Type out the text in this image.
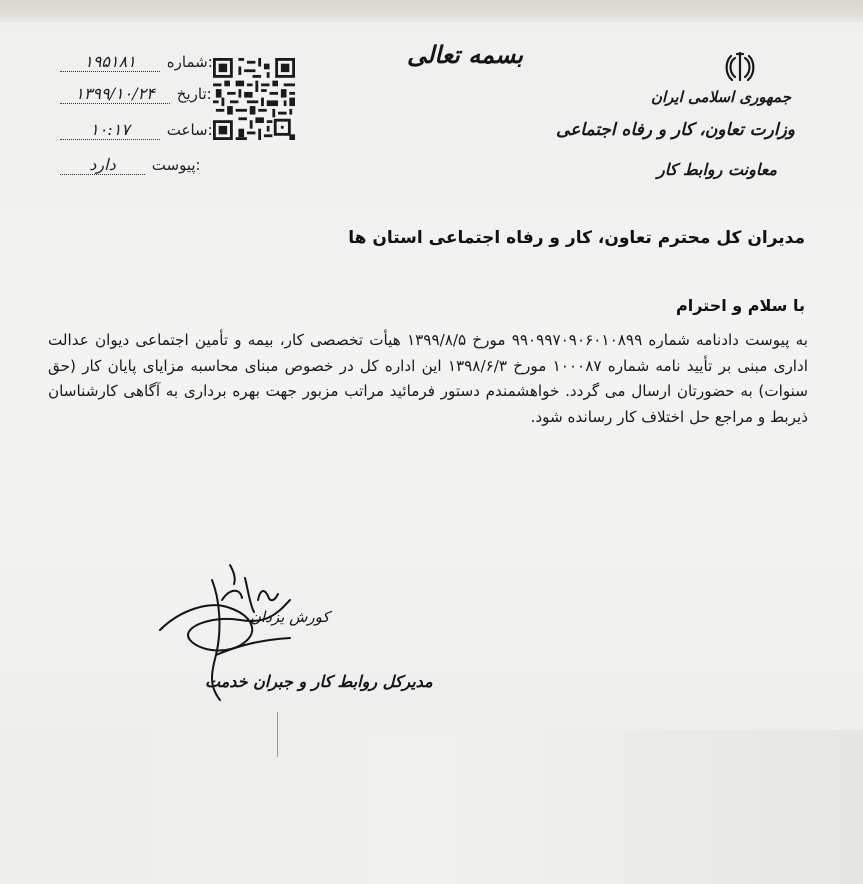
۱۹۵۱۸۱ شماره:
۱۳۹۹/۱۰/۲۴ تاریخ:
۱۰:۱۷ ساعت:
دارد پیوست:
بسمه تعالی
جمهوری اسلامی ایران
وزارت تعاون، کار و رفاه اجتماعی
معاونت روابط کار
مدیران کل محترم تعاون، کار و رفاه اجتماعی استان ها
با سلام و احترام
به پیوست دادنامه شماره ۹۹۰۹۹۷۰۹۰۶۰۱۰۸۹۹ مورخ ۱۳۹۹/۸/۵ هیأت تخصصی کار، بیمه و تأمین اجتماعی دیوان عدالت اداری مبنی بر تأیید نامه شماره ۱۰۰۰۸۷ مورخ ۱۳۹۸/۶/۳ این اداره کل در خصوص مبنای محاسبه مزایای پایان کار (حق سنوات) به حضورتان ارسال می گردد. خواهشمندم دستور فرمائید مراتب مزبور جهت بهره برداری به آگاهی کارشناسان ذیربط و مراجع حل اختلاف کار رسانده شود.
کورش یزدان
مدیرکل روابط کار و جبران خدمت
